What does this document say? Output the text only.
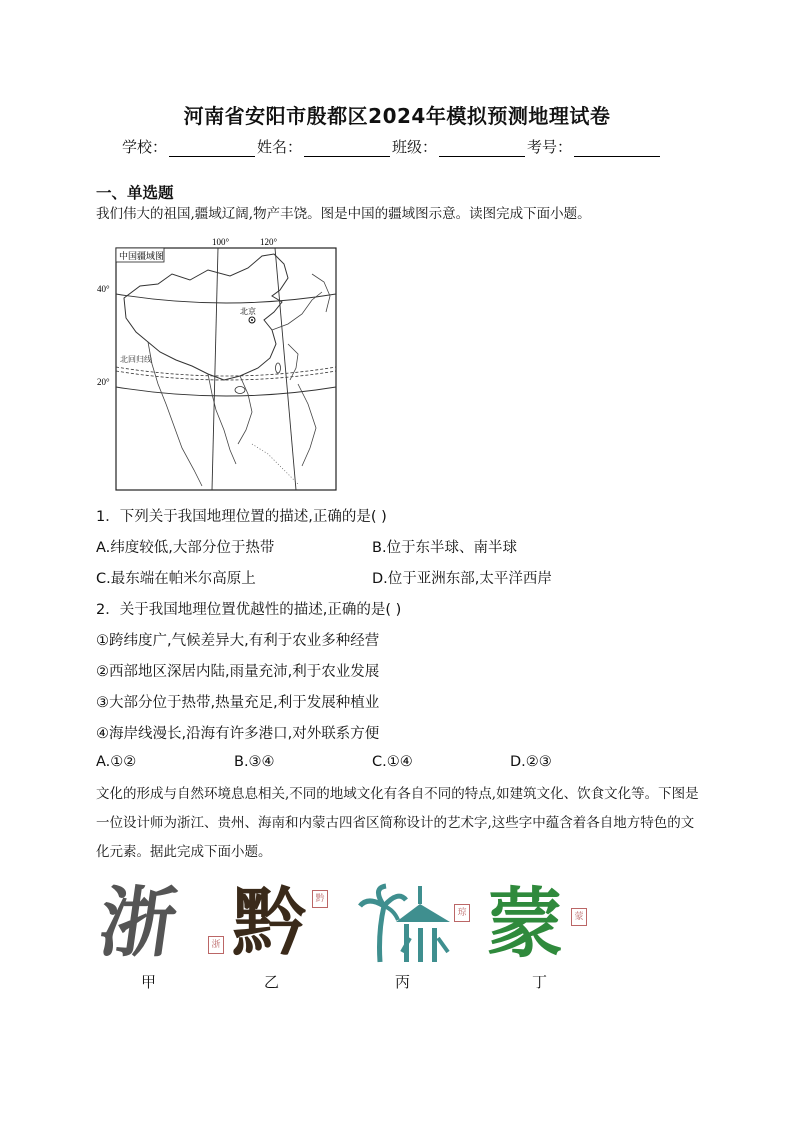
河南省安阳市殷都区2024年模拟预测地理试卷
学校：	姓名：	班级：	考号：
一、单选题
我们伟大的祖国,疆域辽阔,物产丰饶。图是中国的疆域图示意。读图完成下面小题。
100°	120°
中国疆域图
40°
20°
北回归线
北京
1．下列关于我国地理位置的描述,正确的是( )
A.纬度较低,大部分位于热带	B.位于东半球、南半球
C.最东端在帕米尔高原上	D.位于亚洲东部,太平洋西岸
2．关于我国地理位置优越性的描述,正确的是( )
①跨纬度广,气候差异大,有利于农业多种经营
②西部地区深居内陆,雨量充沛,利于农业发展
③大部分位于热带,热量充足,利于发展种植业
④海岸线漫长,沿海有许多港口,对外联系方便
A.①②	B.③④	C.①④	D.②③
文化的形成与自然环境息息相关,不同的地域文化有各自不同的特点,如建筑文化、饮食文化等。下图是一位设计师为浙江、贵州、海南和内蒙古四省区简称设计的艺术字,这些字中蕴含着各自地方特色的文化元素。据此完成下面小题。
浙	浙
甲
黔	黔
乙
琼
丙
蒙	蒙
丁
